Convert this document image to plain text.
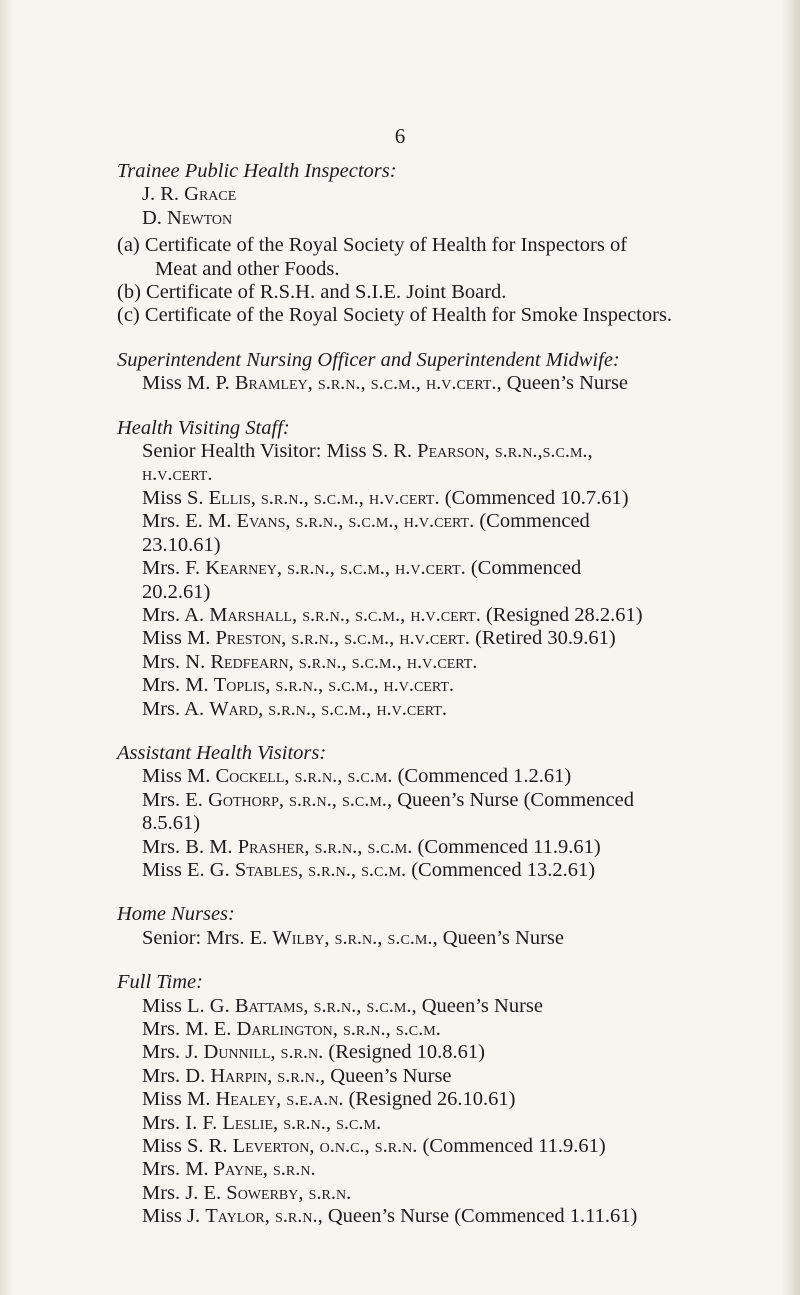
6
Trainee Public Health Inspectors:
J. R. Grace
D. Newton
(a) Certificate of the Royal Society of Health for Inspectors of
Meat and other Foods.
(b) Certificate of R.S.H. and S.I.E. Joint Board.
(c) Certificate of the Royal Society of Health for Smoke Inspectors.
Superintendent Nursing Officer and Superintendent Midwife:
Miss M. P. Bramley, s.r.n., s.c.m., h.v.cert., Queen’s Nurse
Health Visiting Staff:
Senior Health Visitor: Miss S. R. Pearson, s.r.n.,s.c.m.,
h.v.cert.
Miss S. Ellis, s.r.n., s.c.m., h.v.cert. (Commenced 10.7.61)
Mrs. E. M. Evans, s.r.n., s.c.m., h.v.cert. (Commenced
23.10.61)
Mrs. F. Kearney, s.r.n., s.c.m., h.v.cert. (Commenced
20.2.61)
Mrs. A. Marshall, s.r.n., s.c.m., h.v.cert. (Resigned 28.2.61)
Miss M. Preston, s.r.n., s.c.m., h.v.cert. (Retired 30.9.61)
Mrs. N. Redfearn, s.r.n., s.c.m., h.v.cert.
Mrs. M. Toplis, s.r.n., s.c.m., h.v.cert.
Mrs. A. Ward, s.r.n., s.c.m., h.v.cert.
Assistant Health Visitors:
Miss M. Cockell, s.r.n., s.c.m. (Commenced 1.2.61)
Mrs. E. Gothorp, s.r.n., s.c.m., Queen’s Nurse (Commenced
8.5.61)
Mrs. B. M. Prasher, s.r.n., s.c.m. (Commenced 11.9.61)
Miss E. G. Stables, s.r.n., s.c.m. (Commenced 13.2.61)
Home Nurses:
Senior: Mrs. E. Wilby, s.r.n., s.c.m., Queen’s Nurse
Full Time:
Miss L. G. Battams, s.r.n., s.c.m., Queen’s Nurse
Mrs. M. E. Darlington, s.r.n., s.c.m.
Mrs. J. Dunnill, s.r.n. (Resigned 10.8.61)
Mrs. D. Harpin, s.r.n., Queen’s Nurse
Miss M. Healey, s.e.a.n. (Resigned 26.10.61)
Mrs. I. F. Leslie, s.r.n., s.c.m.
Miss S. R. Leverton, o.n.c., s.r.n. (Commenced 11.9.61)
Mrs. M. Payne, s.r.n.
Mrs. J. E. Sowerby, s.r.n.
Miss J. Taylor, s.r.n., Queen’s Nurse (Commenced 1.11.61)
